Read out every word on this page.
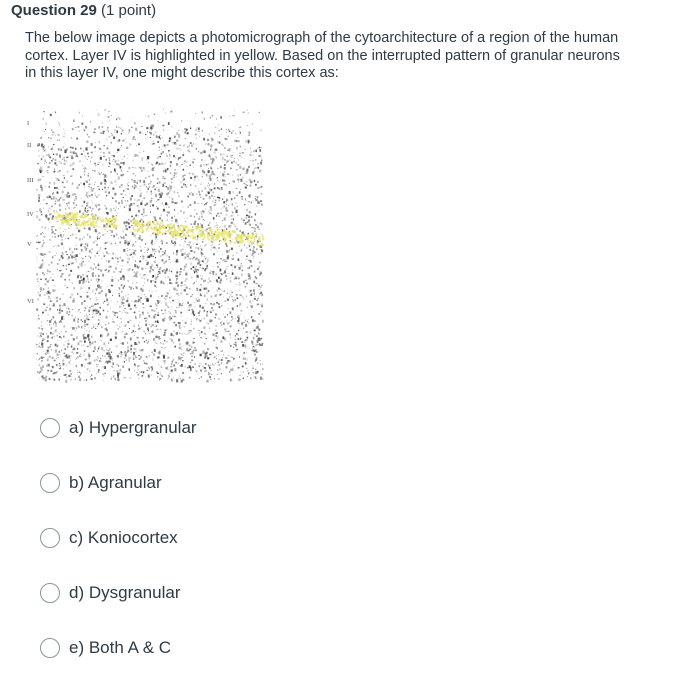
Question 29 (1 point)
The below image depicts a photomicrograph of the cytoarchitecture of a region of the human cortex. Layer IV is highlighted in yellow. Based on the interrupted pattern of granular neurons in this layer IV, one might describe this cortex as:
I
II
III
IV
V
VI
a) Hypergranular
b) Agranular
c) Koniocortex
d) Dysgranular
e) Both A & C
